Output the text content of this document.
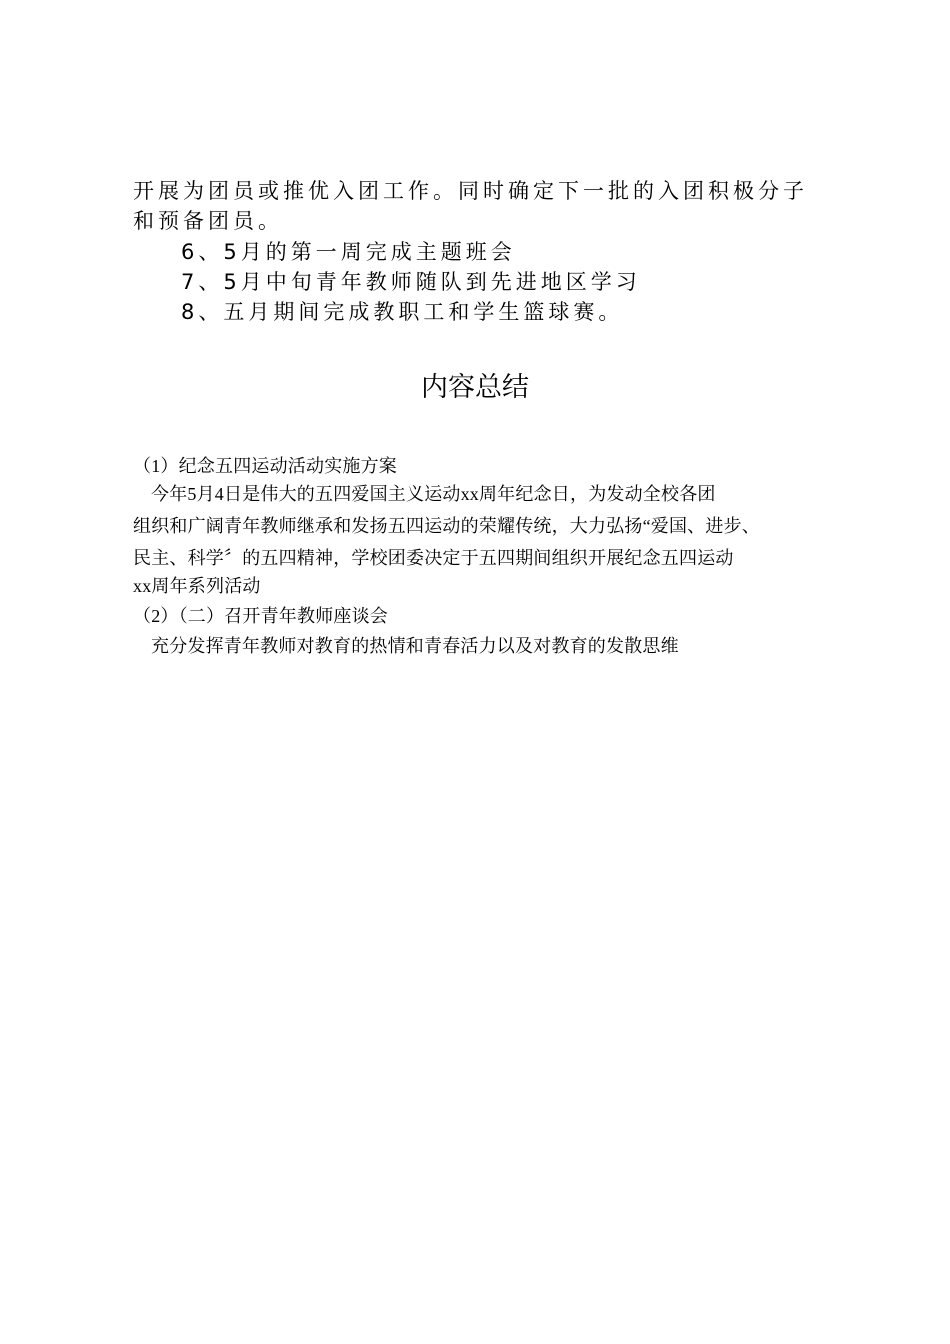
开展为团员或推优入团工作。同时确定下一批的入团积极分子
和预备团员。
6、5月的第一周完成主题班会
7、5月中旬青年教师随队到先进地区学习
8、五月期间完成教职工和学生篮球赛。
内容总结
（1）纪念五四运动活动实施方案
今年5月4日是伟大的五四爱国主义运动xx周年纪念日，为发动全校各团
组织和广阔青年教师继承和发扬五四运动的荣耀传统，大力弘扬“爱国、进步、
民主、科学〞的五四精神，学校团委决定于五四期间组织开展纪念五四运动
xx周年系列活动
（2）（二）召开青年教师座谈会
充分发挥青年教师对教育的热情和青春活力以及对教育的发散思维
